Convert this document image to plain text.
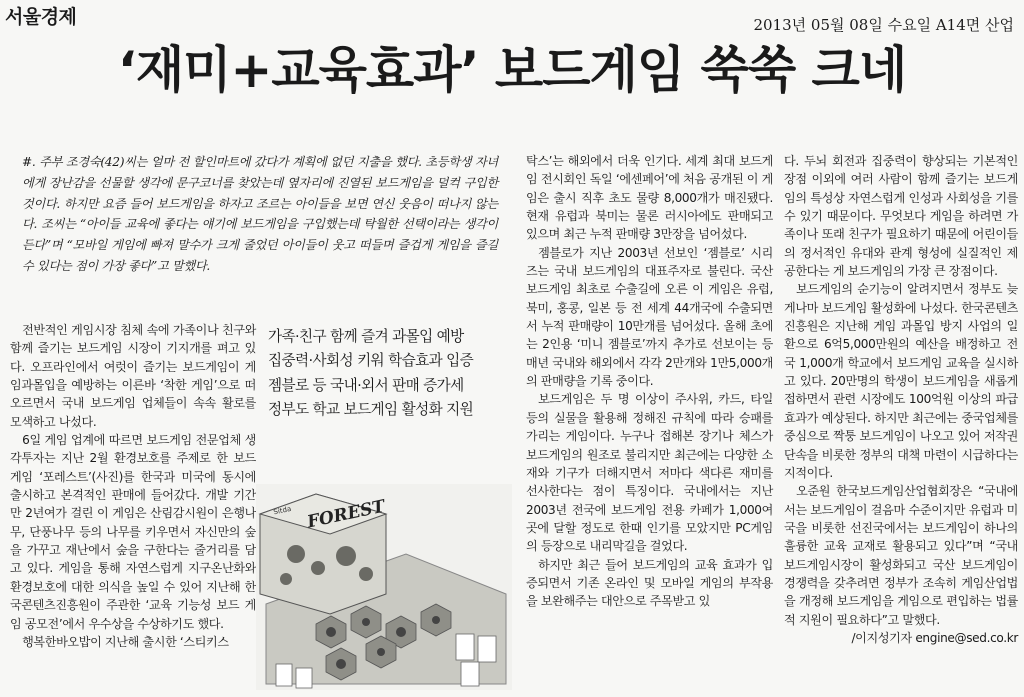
서울경제	2013년 05월 08일 수요일 A14면 산업
‘재미+교육효과’ 보드게임 쑥쑥 크네

#. 주부 조경숙(42)씨는 얼마 전 할인마트에 갔다가 계획에 없던 지출을 했다. 초등학생 자녀에게 장난감을 선물할 생각에 문구코너를 찾았는데 옆자리에 진열된 보드게임을 덜컥 구입한 것이다. 하지만 요즘 들어 보드게임을 하자고 조르는 아이들을 보면 연신 웃음이 떠나지 않는다. 조씨는 “아이들 교육에 좋다는 얘기에 보드게임을 구입했는데 탁월한 선택이라는 생각이 든다”며 “모바일 게임에 빠져 말수가 크게 줄었던 아이들이 웃고 떠들며 즐겁게 게임을 즐길 수 있다는 점이 가장 좋다”고 말했다.

전반적인 게임시장 침체 속에 가족이나 친구와 함께 즐기는 보드게임 시장이 기지개를 펴고 있다. 오프라인에서 여럿이 즐기는 보드게임이 게임과몰입을 예방하는 이른바 ‘착한 게임’으로 떠오르면서 국내 보드게임 업체들이 속속 활로를 모색하고 나섰다.

6일 게임 업계에 따르면 보드게임 전문업체 생각투자는 지난 2월 환경보호를 주제로 한 보드 게임 ‘포레스트’(사진)를 한국과 미국에 동시에 출시하고 본격적인 판매에 들어갔다. 개발 기간만 2년여가 걸린 이 게임은 산림감시원이 은행나무, 단풍나무 등의 나무를 키우면서 자신만의 숲을 가꾸고 재난에서 숲을 구한다는 줄거리를 담고 있다. 게임을 통해 자연스럽게 지구온난화와 환경보호에 대한 의식을 높일 수 있어 지난해 한국콘텐츠진흥원이 주관한 ‘교육 기능성 보드 게임 공모전’에서 우수상을 수상하기도 했다.

행복한바오밥이 지난해 출시한 ‘스티키스

가족·친구 함께 즐겨 과몰입 예방
집중력·사회성 키워 학습효과 입증
젬블로 등 국내·외서 판매 증가세
정부도 학교 보드게임 활성화 지원
FOREST
Sitda

탁스’는 해외에서 더욱 인기다. 세계 최대 보드게임 전시회인 독일 ‘에센페어’에 처음 공개된 이 게임은 출시 직후 초도 물량 8,000개가 매진됐다. 현재 유럽과 북미는 물론 러시아에도 판매되고 있으며 최근 누적 판매량 3만장을 넘어섰다.

젬블로가 지난 2003년 선보인 ‘젬블로’ 시리즈는 국내 보드게임의 대표주자로 불린다. 국산 보드게임 최초로 수출길에 오른 이 게임은 유럽, 북미, 홍콩, 일본 등 전 세계 44개국에 수출되면서 누적 판매량이 10만개를 넘어섰다. 올해 초에는 2인용 ‘미니 젬블로’까지 추가로 선보이는 등 매년 국내와 해외에서 각각 2만개와 1만5,000개의 판매량을 기록 중이다.

보드게임은 두 명 이상이 주사위, 카드, 타일 등의 실물을 활용해 정해진 규칙에 따라 승패를 가리는 게임이다. 누구나 접해본 장기나 체스가 보드게임의 원조로 불리지만 최근에는 다양한 소재와 기구가 더해지면서 저마다 색다른 재미를 선사한다는 점이 특징이다. 국내에서는 지난 2003년 전국에 보드게임 전용 카페가 1,000여 곳에 달할 정도로 한때 인기를 모았지만 PC게임의 등장으로 내리막길을 걸었다.

하지만 최근 들어 보드게임의 교육 효과가 입증되면서 기존 온라인 및 모바일 게임의 부작용을 보완해주는 대안으로 주목받고 있

다. 두뇌 회전과 집중력이 향상되는 기본적인 장점 이외에 여러 사람이 함께 즐기는 보드게임의 특성상 자연스럽게 인성과 사회성을 기를 수 있기 때문이다. 무엇보다 게임을 하려면 가족이나 또래 친구가 필요하기 때문에 어린이들의 정서적인 유대와 관계 형성에 실질적인 제공한다는 게 보드게임의 가장 큰 장점이다.

보드게임의 순기능이 알려지면서 정부도 늦게나마 보드게임 활성화에 나섰다. 한국콘텐츠진흥원은 지난해 게임 과몰입 방지 사업의 일환으로 6억5,000만원의 예산을 배정하고 전국 1,000개 학교에서 보드게임 교육을 실시하고 있다. 20만명의 학생이 보드게임을 새롭게 접하면서 관련 시장에도 100억원 이상의 파급 효과가 예상된다. 하지만 최근에는 중국업체를 중심으로 짝퉁 보드게임이 나오고 있어 저작권 단속을 비롯한 정부의 대책 마련이 시급하다는 지적이다.

오준원 한국보드게임산업협회장은 “국내에서는 보드게임이 걸음마 수준이지만 유럽과 미국을 비롯한 선진국에서는 보드게임이 하나의 훌륭한 교육 교재로 활용되고 있다”며 “국내 보드게임시장이 활성화되고 국산 보드게임이 경쟁력을 갖추려면 정부가 조속히 게임산업법을 개정해 보드게임을 게임으로 편입하는 법률적 지원이 필요하다”고 말했다.

/이지성기자 engine@sed.co.kr
